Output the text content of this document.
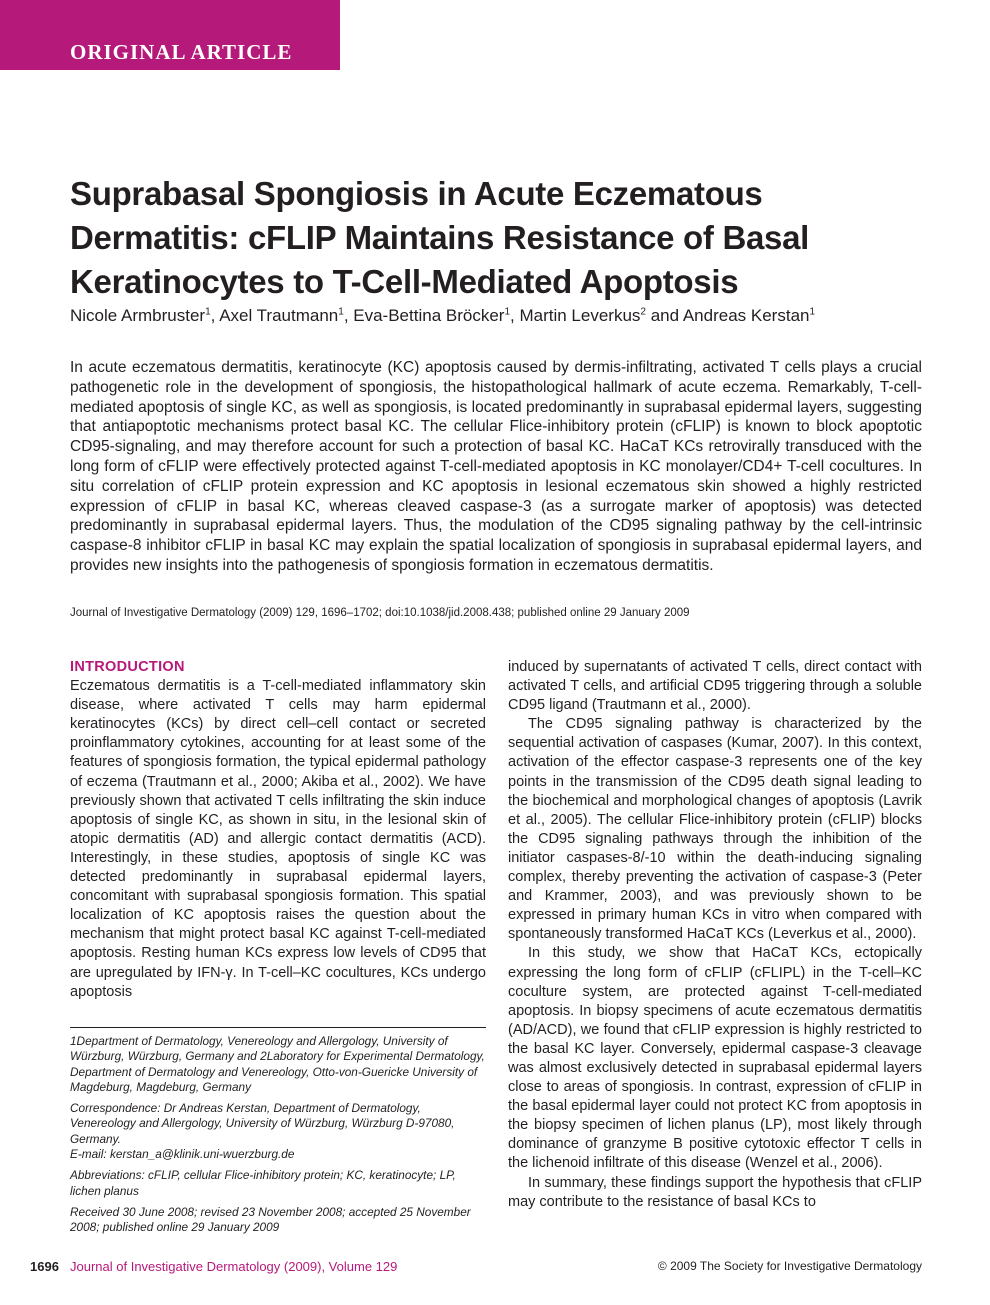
ORIGINAL ARTICLE
Suprabasal Spongiosis in Acute Eczematous Dermatitis: cFLIP Maintains Resistance of Basal Keratinocytes to T-Cell-Mediated Apoptosis
Nicole Armbruster$^1$, Axel Trautmann$^1$, Eva-Bettina Bröcker$^1$, Martin Leverkus$^2$ and Andreas Kerstan$^1$

In acute eczematous dermatitis, keratinocyte (KC) apoptosis caused by dermis-infiltrating, activated T cells plays a crucial pathogenetic role in the development of spongiosis, the histopathological hallmark of acute eczema. Remarkably, T-cell-mediated apoptosis of single KC, as well as spongiosis, is located predominantly in suprabasal epidermal layers, suggesting that antiapoptotic mechanisms protect basal KC. The cellular Flice-inhibitory protein (cFLIP) is known to block apoptotic CD95-signaling, and may therefore account for such a protection of basal KC. HaCaT KCs retrovirally transduced with the long form of cFLIP were effectively protected against T-cell-mediated apoptosis in KC monolayer/CD4+ T-cell cocultures. In situ correlation of cFLIP protein expression and KC apoptosis in lesional eczematous skin showed a highly restricted expression of cFLIP in basal KC, whereas cleaved caspase-3 (as a surrogate marker of apoptosis) was detected predominantly in suprabasal epidermal layers. Thus, the modulation of the CD95 signaling pathway by the cell-intrinsic caspase-8 inhibitor cFLIP in basal KC may explain the spatial localization of spongiosis in suprabasal epidermal layers, and provides new insights into the pathogenesis of spongiosis formation in eczematous dermatitis.

Journal of Investigative Dermatology (2009) 129, 1696–1702; doi:10.1038/jid.2008.438; published online 29 January 2009

INTRODUCTION

Eczematous dermatitis is a T-cell-mediated inflammatory skin disease, where activated T cells may harm epidermal keratinocytes (KCs) by direct cell–cell contact or secreted proinflammatory cytokines, accounting for at least some of the features of spongiosis formation, the typical epidermal pathology of eczema (Trautmann et al., 2000; Akiba et al., 2002). We have previously shown that activated T cells infiltrating the skin induce apoptosis of single KC, as shown in situ, in the lesional skin of atopic dermatitis (AD) and allergic contact dermatitis (ACD). Interestingly, in these studies, apoptosis of single KC was detected predominantly in suprabasal epidermal layers, concomitant with suprabasal spongiosis formation. This spatial localization of KC apoptosis raises the question about the mechanism that might protect basal KC against T-cell-mediated apoptosis. Resting human KCs express low levels of CD95 that are upregulated by IFN-γ. In T-cell–KC cocultures, KCs undergo apoptosis

1Department of Dermatology, Venereology and Allergology, University of Würzburg, Würzburg, Germany and 2Laboratory for Experimental Dermatology, Department of Dermatology and Venereology, Otto-von-Guericke University of Magdeburg, Magdeburg, Germany

Correspondence: Dr Andreas Kerstan, Department of Dermatology, Venereology and Allergology, University of Würzburg, Würzburg D-97080, Germany.

E-mail: kerstan_a@klinik.uni-wuerzburg.de

Abbreviations: cFLIP, cellular Flice-inhibitory protein; KC, keratinocyte; LP, lichen planus

Received 30 June 2008; revised 23 November 2008; accepted 25 November 2008; published online 29 January 2009

induced by supernatants of activated T cells, direct contact with activated T cells, and artificial CD95 triggering through a soluble CD95 ligand (Trautmann et al., 2000).

The CD95 signaling pathway is characterized by the sequential activation of caspases (Kumar, 2007). In this context, activation of the effector caspase-3 represents one of the key points in the transmission of the CD95 death signal leading to the biochemical and morphological changes of apoptosis (Lavrik et al., 2005). The cellular Flice-inhibitory protein (cFLIP) blocks the CD95 signaling pathways through the inhibition of the initiator caspases-8/-10 within the death-inducing signaling complex, thereby preventing the activation of caspase-3 (Peter and Krammer, 2003), and was previously shown to be expressed in primary human KCs in vitro when compared with spontaneously transformed HaCaT KCs (Leverkus et al., 2000).

In this study, we show that HaCaT KCs, ectopically expressing the long form of cFLIP (cFLIPL) in the T-cell–KC coculture system, are protected against T-cell-mediated apoptosis. In biopsy specimens of acute eczematous dermatitis (AD/ACD), we found that cFLIP expression is highly restricted to the basal KC layer. Conversely, epidermal caspase-3 cleavage was almost exclusively detected in suprabasal epidermal layers close to areas of spongiosis. In contrast, expression of cFLIP in the basal epidermal layer could not protect KC from apoptosis in the biopsy specimen of lichen planus (LP), most likely through dominance of granzyme B positive cytotoxic effector T cells in the lichenoid infiltrate of this disease (Wenzel et al., 2006).

In summary, these findings support the hypothesis that cFLIP may contribute to the resistance of basal KCs to

1696 Journal of Investigative Dermatology (2009), Volume 129	© 2009 The Society for Investigative Dermatology
